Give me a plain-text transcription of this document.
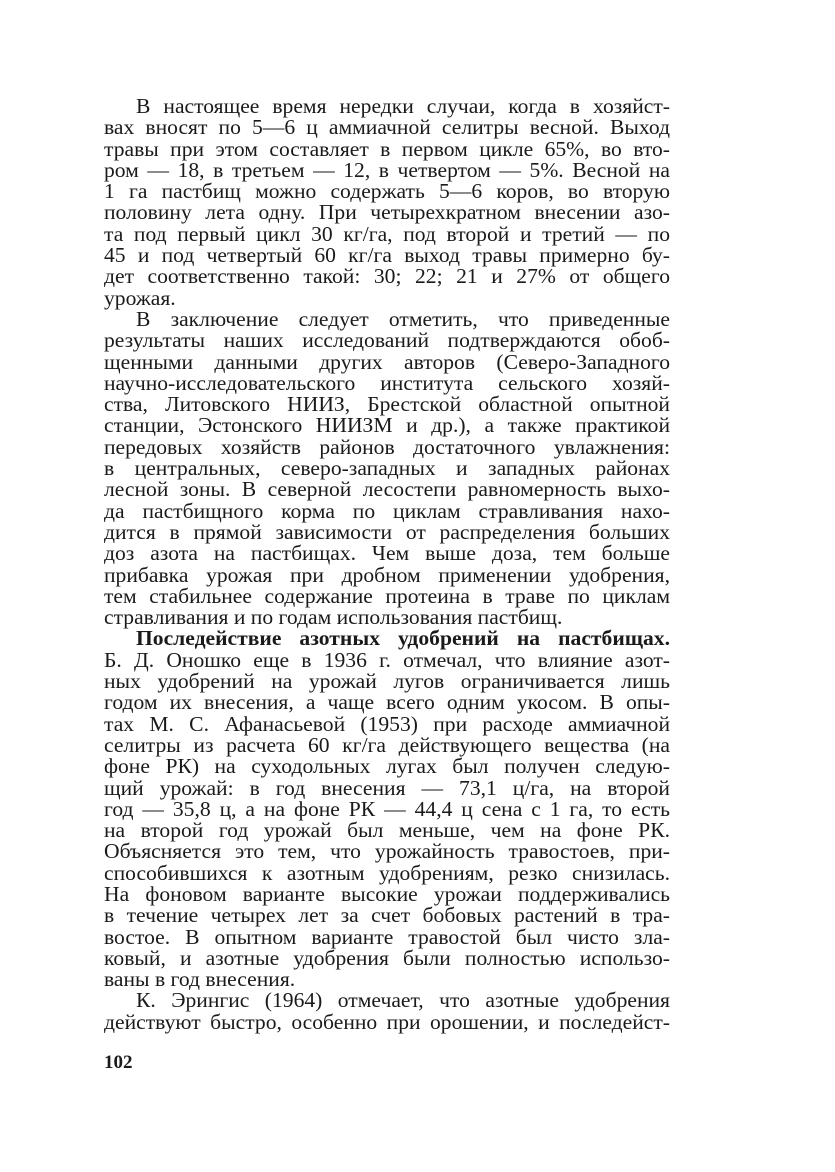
В настоящее время нередки случаи, когда в хозяйст-
вах вносят по 5—6 ц аммиачной селитры весной. Выход
травы при этом составляет в первом цикле 65%, во вто-
ром — 18, в третьем — 12, в четвертом — 5%. Весной на
1 га пастбищ можно содержать 5—6 коров, во вторую
половину лета одну. При четырехкратном внесении азо-
та под первый цикл 30 кг/га, под второй и третий — по
45 и под четвертый 60 кг/га выход травы примерно бу-
дет соответственно такой: 30; 22; 21 и 27% от общего
урожая.

В заключение следует отметить, что приведенные
результаты наших исследований подтверждаются обоб-
щенными данными других авторов (Северо-Западного
научно-исследовательского института сельского хозяй-
ства, Литовского НИИЗ, Брестской областной опытной
станции, Эстонского НИИЗМ и др.), а также практикой
передовых хозяйств районов достаточного увлажнения:
в центральных, северо-западных и западных районах
лесной зоны. В северной лесостепи равномерность выхо-
да пастбищного корма по циклам стравливания нахо-
дится в прямой зависимости от распределения больших
доз азота на пастбищах. Чем выше доза, тем больше
прибавка урожая при дробном применении удобрения,
тем стабильнее содержание протеина в траве по циклам
стравливания и по годам использования пастбищ.

Последействие азотных удобрений на пастбищах.
Б. Д. Оношко еще в 1936 г. отмечал, что влияние азот-
ных удобрений на урожай лугов ограничивается лишь
годом их внесения, а чаще всего одним укосом. В опы-
тах М. С. Афанасьевой (1953) при расходе аммиачной
селитры из расчета 60 кг/га действующего вещества (на
фоне РК) на суходольных лугах был получен следую-
щий урожай: в год внесения — 73,1 ц/га, на второй
год — 35,8 ц, а на фоне РК — 44,4 ц сена с 1 га, то есть
на второй год урожай был меньше, чем на фоне РК.
Объясняется это тем, что урожайность травостоев, при-
способившихся к азотным удобрениям, резко снизилась.
На фоновом варианте высокие урожаи поддерживались
в течение четырех лет за счет бобовых растений в тра-
востое. В опытном варианте травостой был чисто зла-
ковый, и азотные удобрения были полностью использо-
ваны в год внесения.

К. Эрингис (1964) отмечает, что азотные удобрения
действуют быстро, особенно при орошении, и последейст-

102
